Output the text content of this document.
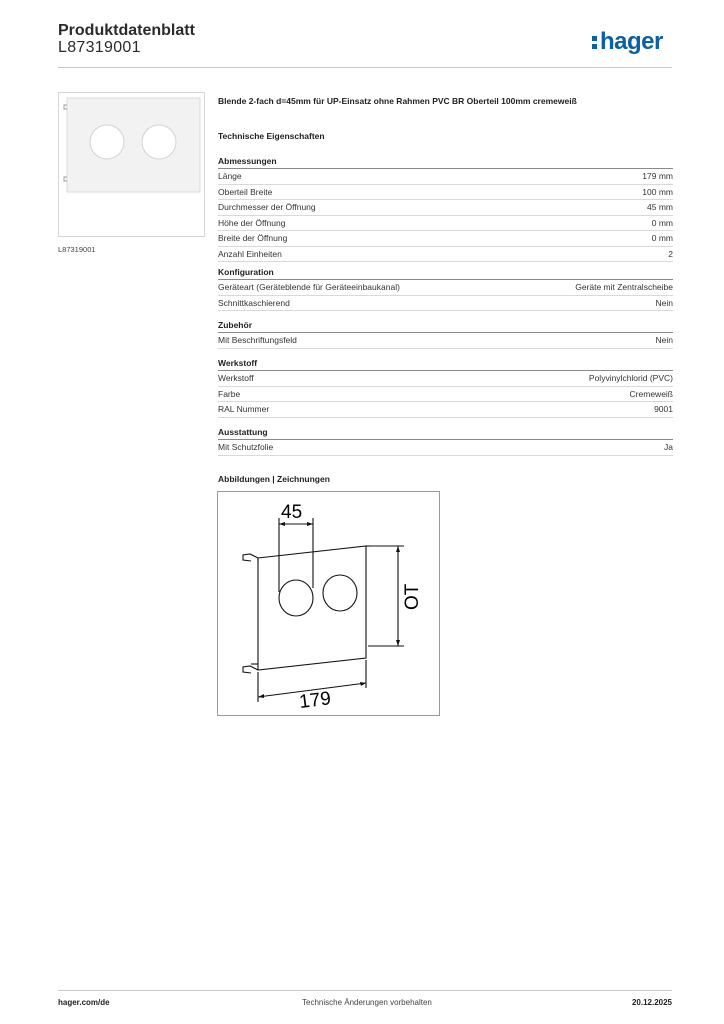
Produktdatenblatt
L87319001	hager
L87319001
Blende 2-fach d=45mm für UP-Einsatz ohne Rahmen PVC BR Oberteil 100mm cremeweiß
Technische Eigenschaften
Abmessungen
Länge	179 mm
Oberteil Breite	100 mm
Durchmesser der Öffnung	45 mm
Höhe der Öffnung	0 mm
Breite der Öffnung	0 mm
Anzahl Einheiten	2
Konfiguration
Geräteart (Geräteblende für Geräteeinbaukanal)	Geräte mit Zentralscheibe
Schnittkaschierend	Nein
Zubehör
Mit Beschriftungsfeld	Nein
Werkstoff
Werkstoff	Polyvinylchlorid (PVC)
Farbe	Cremeweiß
RAL Nummer	9001
Ausstattung
Mit Schutzfolie	Ja
Abbildungen | Zeichnungen
45
OT
179
hager.com/de	Technische Änderungen vorbehalten	20.12.2025
